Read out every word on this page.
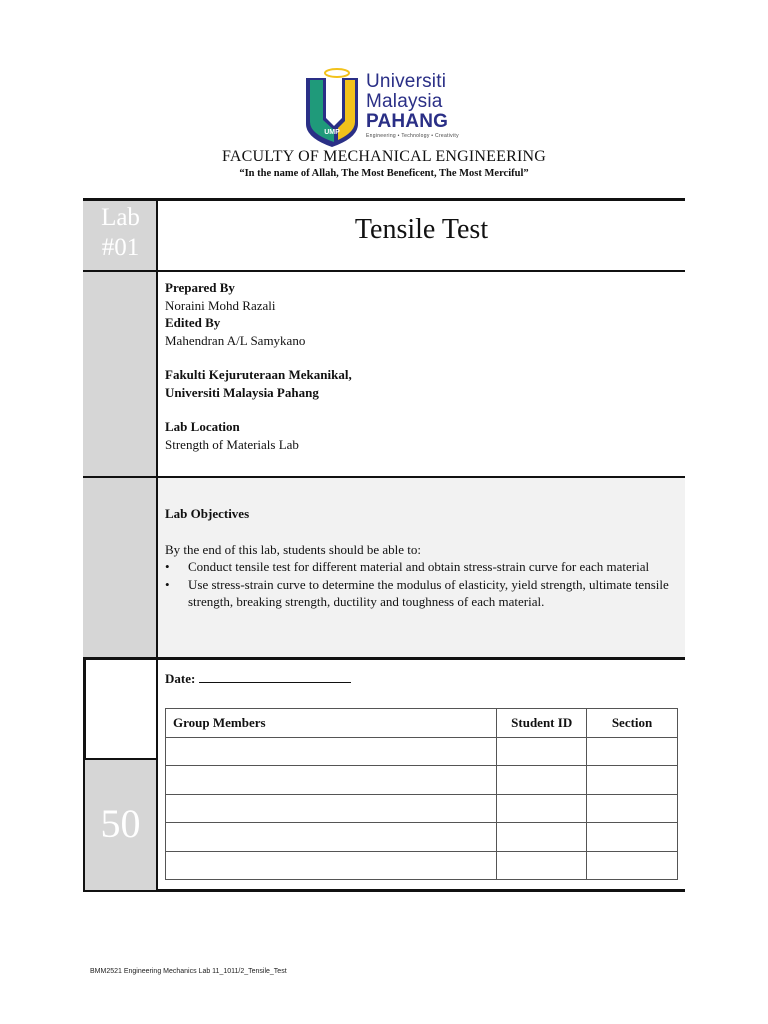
UMP
Universiti
Malaysia
PAHANG
Engineering • Technology • Creativity
FACULTY OF MECHANICAL ENGINEERING
“In the name of Allah, The Most Beneficent, The Most Merciful”
Lab
#01
Tensile Test
Prepared By
Noraini Mohd Razali
Edited By
Mahendran A/L Samykano
Fakulti Kejuruteraan Mekanikal,
Universiti Malaysia Pahang
Lab Location
Strength of Materials Lab
Lab Objectives
By the end of this lab, students should be able to:
• Conduct tensile test for different material and obtain stress-strain curve for each material
• Use stress-strain curve to determine the modulus of elasticity, yield strength, ultimate tensile strength, breaking strength, ductility and toughness of each material.
50
Date:
Group Members	Student ID	Section

BMM2521 Engineering Mechanics Lab 11_1011/2_Tensile_Test
